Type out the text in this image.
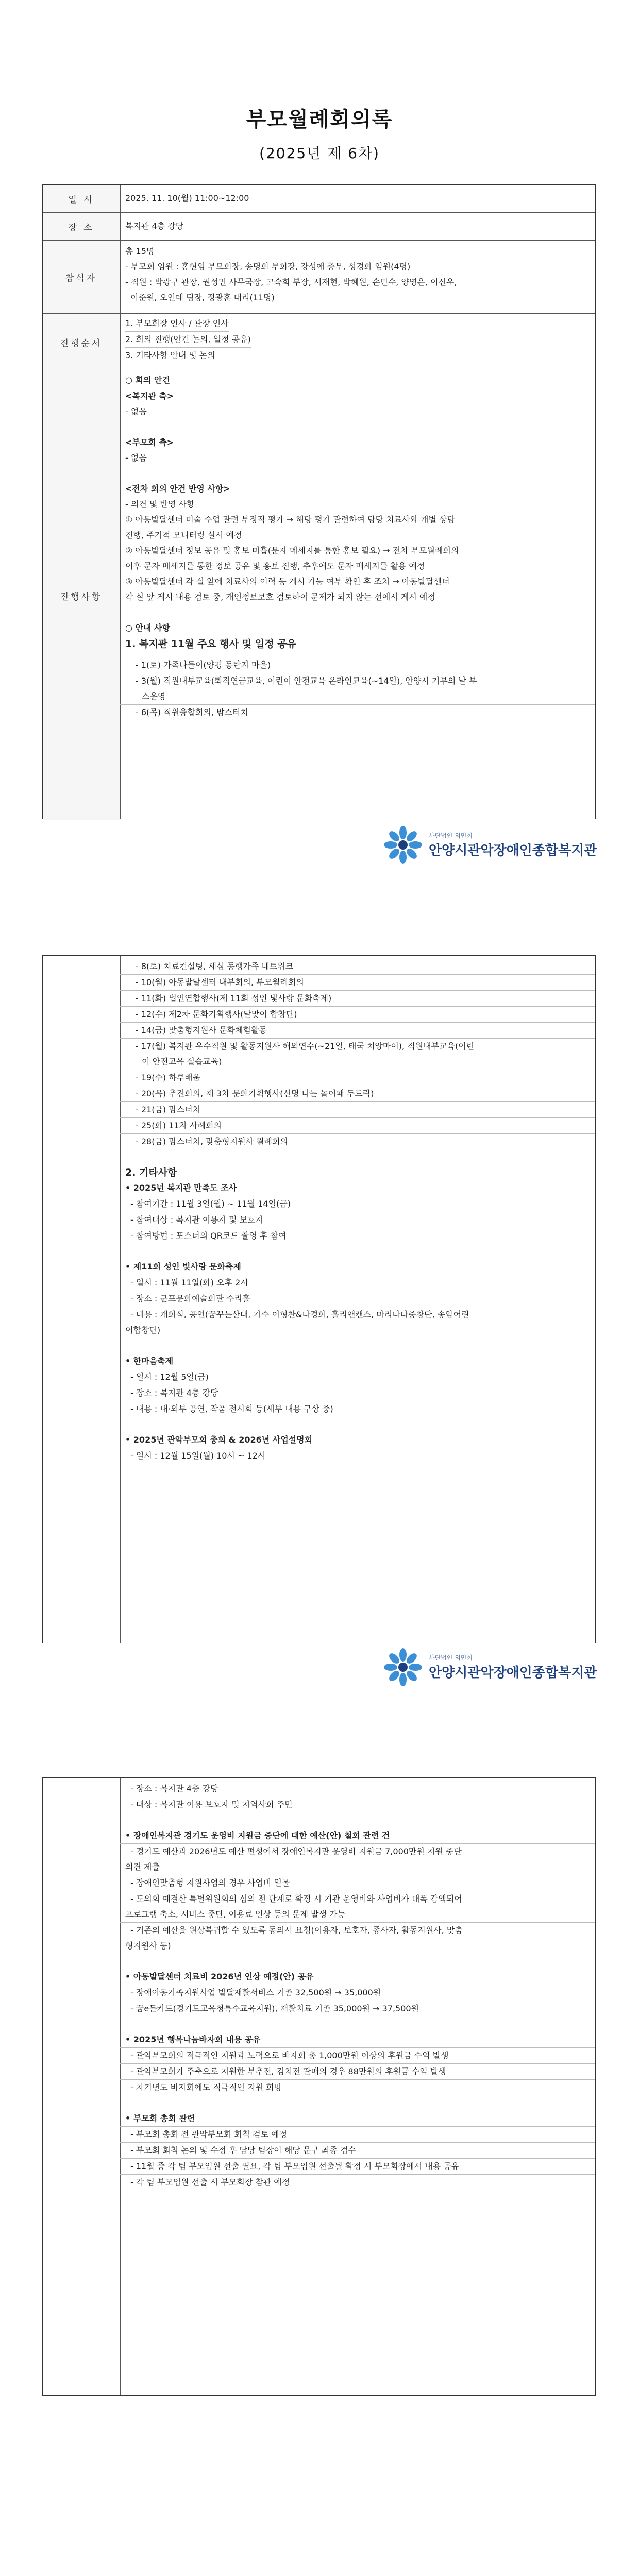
부모월례회의록
(2025년 제 6차)
일 시	2025. 11. 10(월) 11:00~12:00
장 소	복지관 4층 강당
참석자
총 15명
- 부모회 임원 : 홍현임 부모회장, 송명희 부회장, 강성애 총무, 성경화 임원(4명)
- 직원 : 박광구 관장, 권성민 사무국장, 고숙희 부장, 서재현, 박혜원, 손민수, 양영은, 이신우,
이준원, 오인데 팀장, 정광훈 대리(11명)
진행순서
1. 부모회장 인사 / 관장 인사
2. 회의 진행(안건 논의, 일정 공유)

3. 기타사항 안내 및 논의
진행사항
○ 회의 안건
<복지관 측>
- 없음
<부모회 측>
- 없음
<전차 회의 안건 반영 사항>
- 의견 및 반영 사항
① 아동발달센터 미술 수업 관련 부정적 평가 → 해당 평가 관련하여 담당 치료사와 개별 상담
진행, 주기적 모니터링 실시 예정
② 아동발달센터 정보 공유 및 홍보 미흡(문자 메세지를 통한 홍보 필요) → 전차 부모월례회의
이후 문자 메세지를 통한 정보 공유 및 홍보 진행, 추후에도 문자 메세지를 활용 예정
③ 아동발달센터 각 실 앞에 치료사의 이력 등 게시 가능 여부 확인 후 조치 → 아동발달센터
각 실 앞 게시 내용 검토 중, 개인정보보호 검토하여 문제가 되지 않는 선에서 게시 예정
○ 안내 사항
1. 복지관 11월 주요 행사 및 일정 공유
- 1(토) 가족나들이(양평 동탄지 마을)
- 3(월) 직원내부교육(퇴직연금교육, 어린이 안전교육 온라인교육(~14일), 안양시 기부의 날 부
스운영
- 6(목) 직원융합회의, 맘스터치
사단법인 외민회
안양시관악장애인종합복지관
- 8(토) 치료컨설팅, 세심 동행가족 네트워크
- 10(월) 아동발달센터 내부회의, 부모월례회의
- 11(화) 법인연합행사(제 11회 성인 빛사랑 문화축제)
- 12(수) 제2차 문화기획행사(달맞이 합창단)
- 14(금) 맞춤형지원사 문화체험활동
- 17(월) 복지관 우수직원 및 활동지원사 해외연수(~21일, 태국 치앙마이), 직원내부교육(어린
이 안전교육 실습교육)
- 19(수) 하루배움
- 20(목) 추진회의, 제 3차 문화기획행사(신명 나는 놀이패 두드락)
- 21(금) 맘스터치
- 25(화) 11차 사례회의
- 28(금) 맘스터치, 맞춤형지원사 월례회의
2. 기타사항
• 2025년 복지관 만족도 조사
- 참여기간 : 11월 3일(월) ~ 11월 14일(금)
- 참여대상 : 복지관 이용자 및 보호자
- 참여방법 : 포스터의 QR코드 촬영 후 참여
• 제11회 성인 빛사랑 문화축제
- 일시 : 11월 11일(화) 오후 2시
- 장소 : 군포문화예술회관 수리홀
- 내용 : 개회식, 공연(꿈꾸는산대, 가수 이형찬&나경화, 홀리앤캔스, 마리나다중창단, 송암어린
이합창단)
• 한마음축제
- 일시 : 12월 5일(금)
- 장소 : 복지관 4층 강당
- 내용 : 내·외부 공연, 작품 전시회 등(세부 내용 구상 중)
• 2025년 관악부모회 총회 & 2026년 사업설명회
- 일시 : 12월 15일(월) 10시 ~ 12시
사단법인 외민회
안양시관악장애인종합복지관
- 장소 : 복지관 4층 강당
- 대상 : 복지관 이용 보호자 및 지역사회 주민
• 장애인복지관 경기도 운영비 지원금 중단에 대한 예산(안) 철회 관련 건
- 경기도 예산과 2026년도 예산 편성에서 장애인복지관 운영비 지원금 7,000만원 지원 중단
의견 제출
- 장애인맞춤형 지원사업의 경우 사업비 일몰
- 도의회 예결산 특별위원회의 심의 전 단계로 확정 시 기관 운영비와 사업비가 대폭 감액되어
프로그램 축소, 서비스 중단, 이용료 인상 등의 문제 발생 가능
- 기존의 예산을 원상복귀할 수 있도록 동의서 요청(이용자, 보호자, 종사자, 활동지원사, 맞춤
형지원사 등)
• 아동발달센터 치료비 2026년 인상 예정(안) 공유
- 장애아동가족지원사업 발달재활서비스 기존 32,500원 → 35,000원
- 꿈e든카드(경기도교육청특수교육지원), 재활치료 기존 35,000원 → 37,500원
• 2025년 행복나눔바자회 내용 공유
- 관악부모회의 적극적인 지원과 노력으로 바자회 총 1,000만원 이상의 후원금 수익 발생
- 관악부모회가 주축으로 지원한 부추전, 김치전 판매의 경우 88만원의 후원금 수익 발생
- 차기년도 바자회에도 적극적인 지원 희망
• 부모회 총회 관련
- 부모회 총회 전 관악부모회 회칙 검토 예정
- 부모회 회칙 논의 및 수정 후 담당 팀장이 해당 문구 최종 검수
- 11월 중 각 팀 부모임원 선출 필요, 각 팀 부모임원 선출될 확정 시 부모회장에서 내용 공유
- 각 팀 부모임원 선출 시 부모회장 참관 예정
